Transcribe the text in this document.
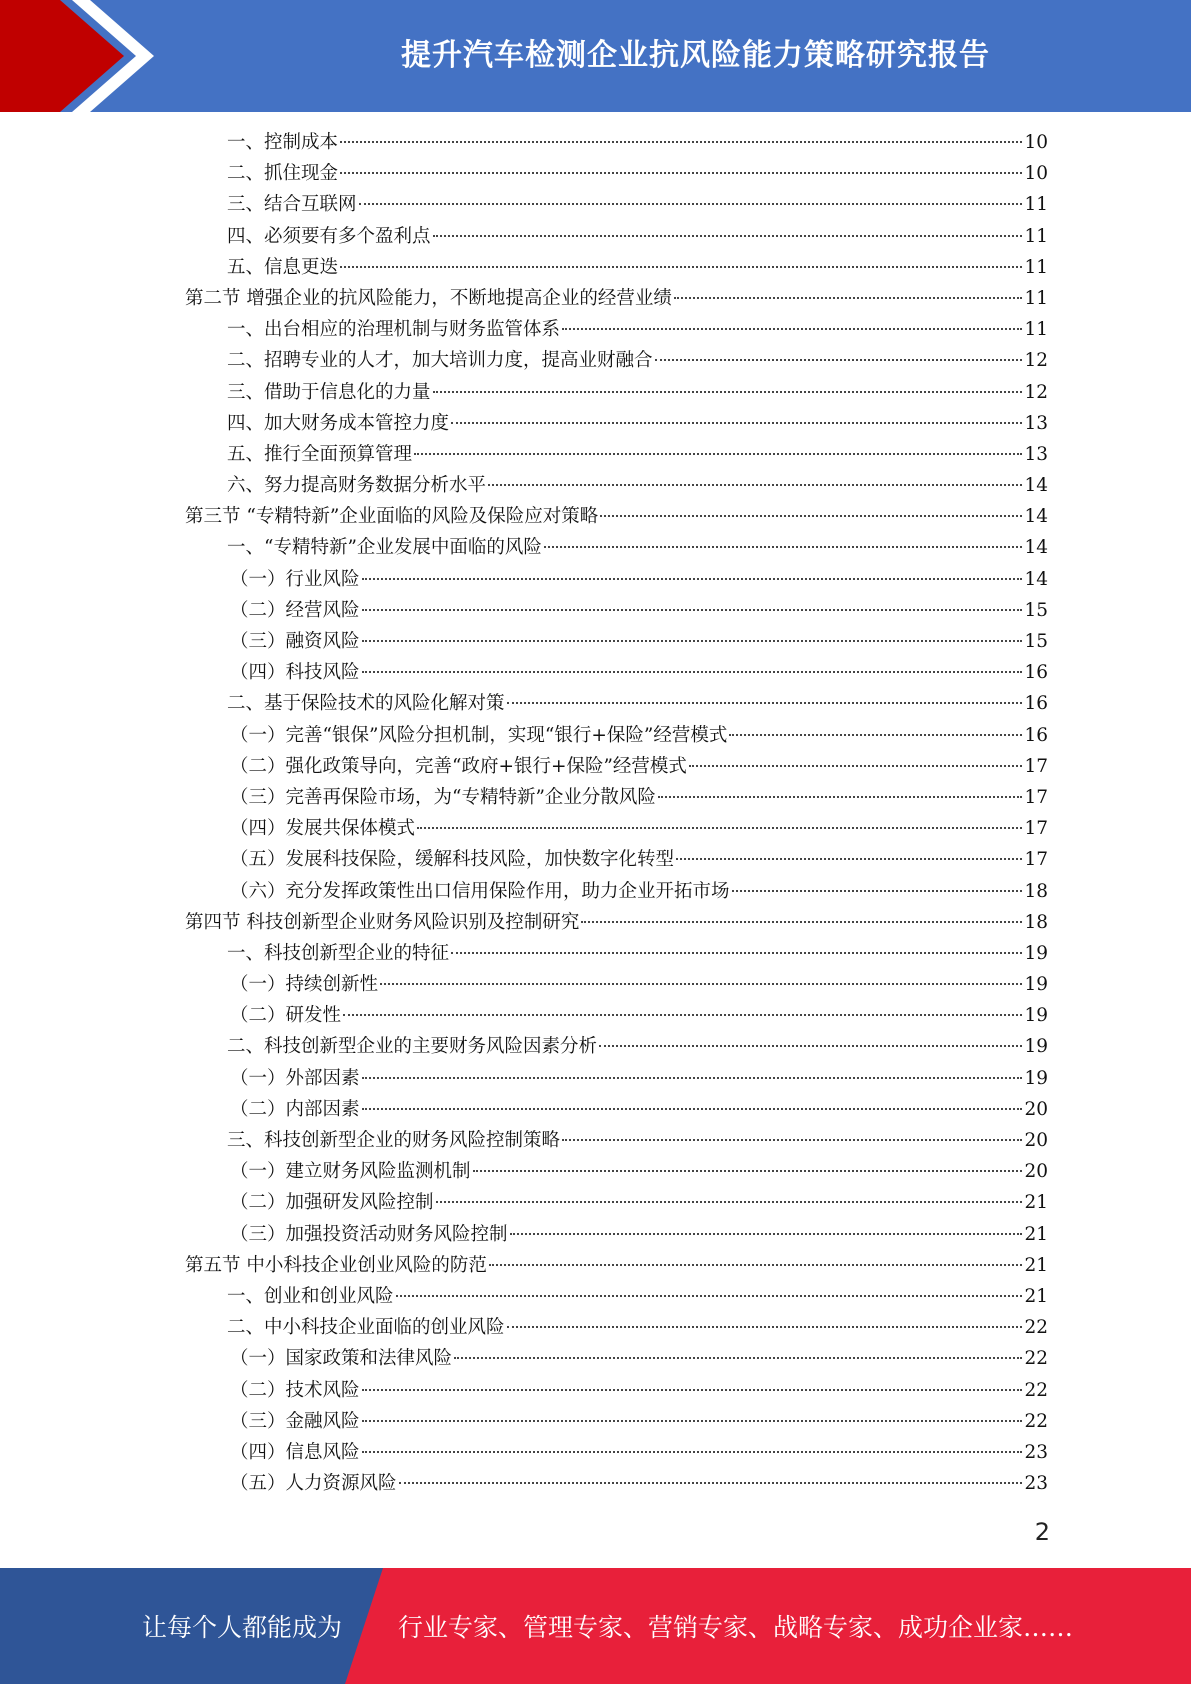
提升汽车检测企业抗风险能力策略研究报告
一、控制成本	10
二、抓住现金	10
三、结合互联网	11
四、必须要有多个盈利点	11
五、信息更迭	11
第二节 增强企业的抗风险能力，不断地提高企业的经营业绩	11
一、出台相应的治理机制与财务监管体系	11
二、招聘专业的人才，加大培训力度，提高业财融合	12
三、借助于信息化的力量	12
四、加大财务成本管控力度	13
五、推行全面预算管理	13
六、努力提高财务数据分析水平	14
第三节 “专精特新”企业面临的风险及保险应对策略	14
一、“专精特新”企业发展中面临的风险	14
（一）行业风险	14
（二）经营风险	15
（三）融资风险	15
（四）科技风险	16
二、基于保险技术的风险化解对策	16
（一）完善“银保”风险分担机制，实现“银行+保险”经营模式	16
（二）强化政策导向，完善“政府+银行+保险”经营模式	17
（三）完善再保险市场，为“专精特新”企业分散风险	17
（四）发展共保体模式	17
（五）发展科技保险，缓解科技风险，加快数字化转型	17
（六）充分发挥政策性出口信用保险作用，助力企业开拓市场	18
第四节 科技创新型企业财务风险识别及控制研究	18
一、科技创新型企业的特征	19
（一）持续创新性	19
（二）研发性	19
二、科技创新型企业的主要财务风险因素分析	19
（一）外部因素	19
（二）内部因素	20
三、科技创新型企业的财务风险控制策略	20
（一）建立财务风险监测机制	20
（二）加强研发风险控制	21
（三）加强投资活动财务风险控制	21
第五节 中小科技企业创业风险的防范	21
一、创业和创业风险	21
二、中小科技企业面临的创业风险	22
（一）国家政策和法律风险	22
（二）技术风险	22
（三）金融风险	22
（四）信息风险	23
（五）人力资源风险	23
2
让每个人都能成为 行业专家、管理专家、营销专家、战略专家、成功企业家……
